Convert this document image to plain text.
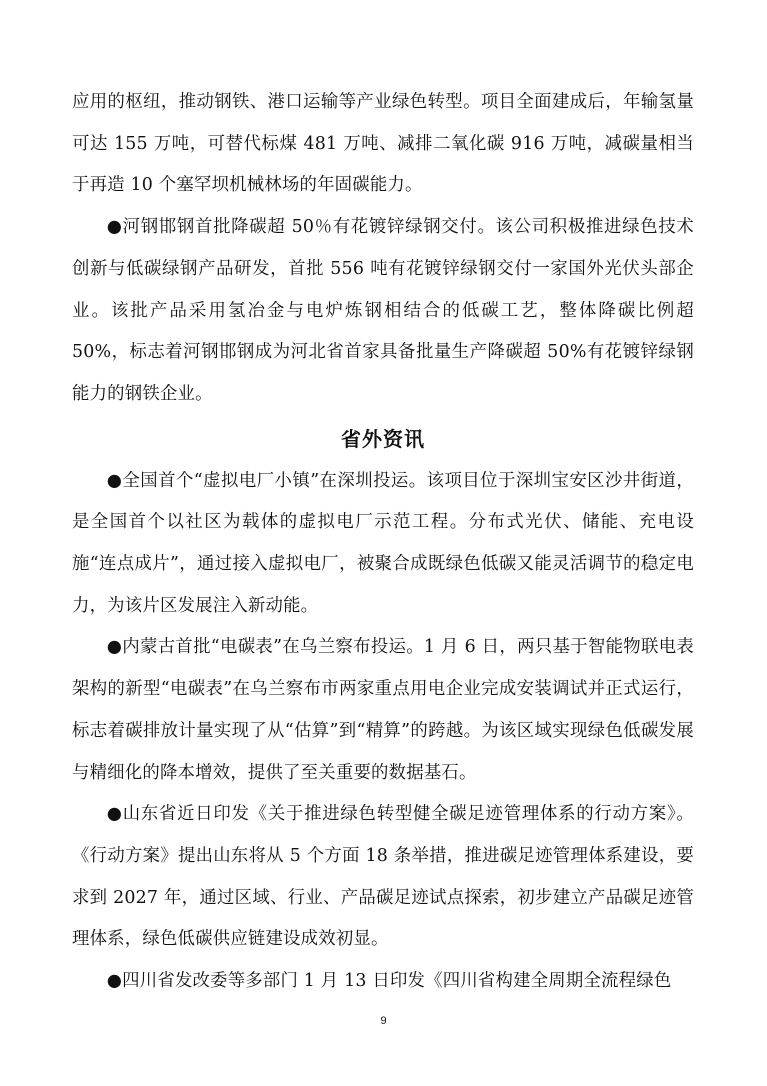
应用的枢纽，推动钢铁、港口运输等产业绿色转型。项目全面建成后，年输氢量可达 155 万吨，可替代标煤 481 万吨、减排二氧化碳 916 万吨，减碳量相当于再造 10 个塞罕坝机械林场的年固碳能力。

●河钢邯钢首批降碳超 50％有花镀锌绿钢交付。该公司积极推进绿色技术创新与低碳绿钢产品研发，首批 556 吨有花镀锌绿钢交付一家国外光伏头部企业。该批产品采用氢冶金与电炉炼钢相结合的低碳工艺，整体降碳比例超 50%，标志着河钢邯钢成为河北省首家具备批量生产降碳超 50%有花镀锌绿钢能力的钢铁企业。

省外资讯

●全国首个“虚拟电厂小镇”在深圳投运。该项目位于深圳宝安区沙井街道，是全国首个以社区为载体的虚拟电厂示范工程。分布式光伏、储能、充电设施“连点成片”，通过接入虚拟电厂，被聚合成既绿色低碳又能灵活调节的稳定电力，为该片区发展注入新动能。

●内蒙古首批“电碳表”在乌兰察布投运。1 月 6 日，两只基于智能物联电表架构的新型“电碳表”在乌兰察布市两家重点用电企业完成安装调试并正式运行，标志着碳排放计量实现了从“估算”到“精算”的跨越。为该区域实现绿色低碳发展与精细化的降本增效，提供了至关重要的数据基石。

●山东省近日印发《关于推进绿色转型健全碳足迹管理体系的行动方案》。《行动方案》提出山东将从 5 个方面 18 条举措，推进碳足迹管理体系建设，要求到 2027 年，通过区域、行业、产品碳足迹试点探索，初步建立产品碳足迹管理体系，绿色低碳供应链建设成效初显。

●四川省发改委等多部门 1 月 13 日印发《四川省构建全周期全流程绿色

9
